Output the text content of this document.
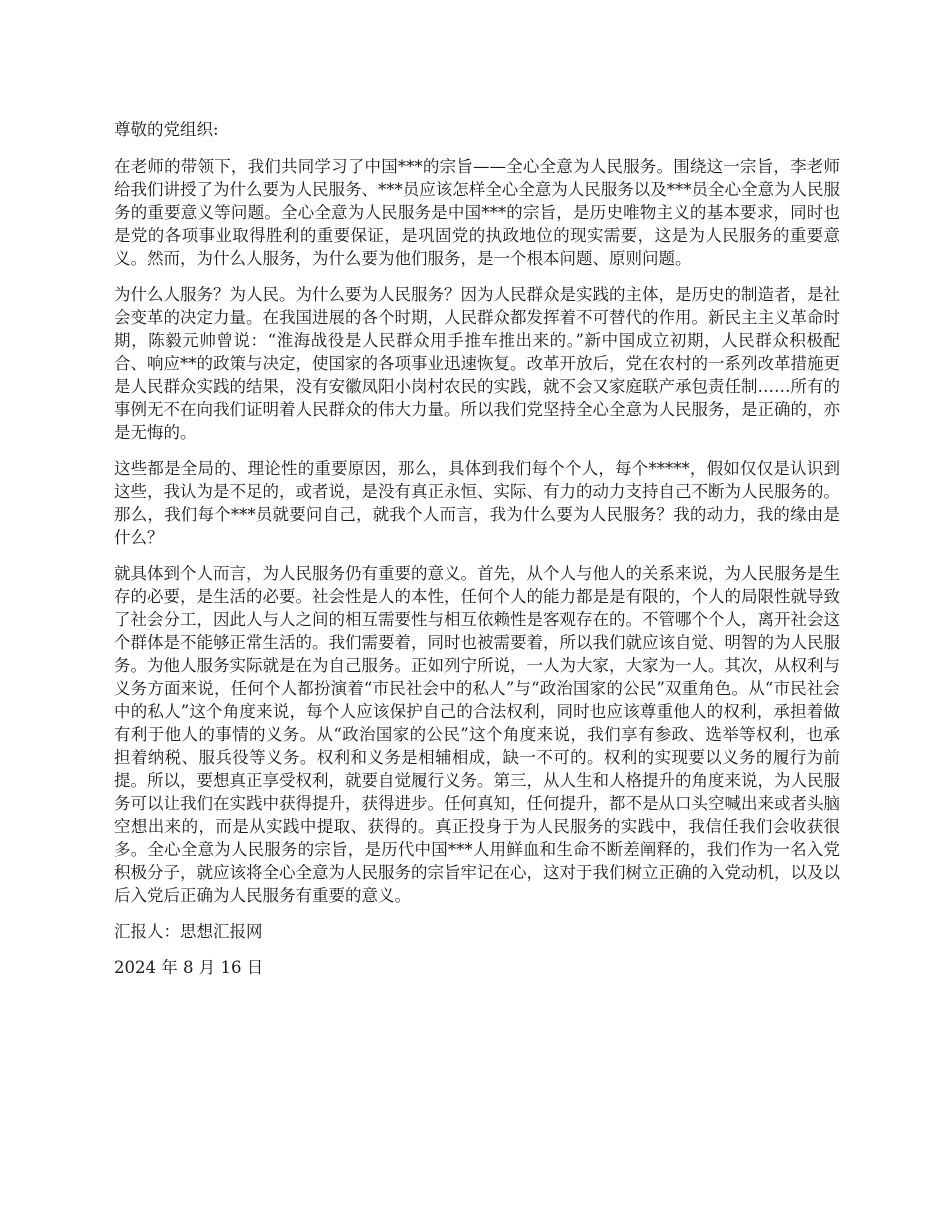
尊敬的党组织:

在老师的带领下，我们共同学习了中国***的宗旨——全心全意为人民服务。围绕这一宗旨，李老师给我们讲授了为什么要为人民服务、***员应该怎样全心全意为人民服务以及***员全心全意为人民服务的重要意义等问题。全心全意为人民服务是中国***的宗旨，是历史唯物主义的基本要求，同时也是党的各项事业取得胜利的重要保证，是巩固党的执政地位的现实需要，这是为人民服务的重要意义。然而，为什么人服务，为什么要为他们服务，是一个根本问题、原则问题。

为什么人服务？为人民。为什么要为人民服务？因为人民群众是实践的主体，是历史的制造者，是社会变革的决定力量。在我国进展的各个时期，人民群众都发挥着不可替代的作用。新民主主义革命时期，陈毅元帅曾说：“淮海战役是人民群众用手推车推出来的。”新中国成立初期，人民群众积极配合、响应**的政策与决定，使国家的各项事业迅速恢复。改革开放后，党在农村的一系列改革措施更是人民群众实践的结果，没有安徽凤阳小岗村农民的实践，就不会又家庭联产承包责任制……所有的事例无不在向我们证明着人民群众的伟大力量。所以我们党坚持全心全意为人民服务，是正确的，亦是无悔的。

这些都是全局的、理论性的重要原因，那么，具体到我们每个个人，每个*****，假如仅仅是认识到这些，我认为是不足的，或者说，是没有真正永恒、实际、有力的动力支持自己不断为人民服务的。那么，我们每个***员就要问自己，就我个人而言，我为什么要为人民服务？我的动力，我的缘由是什么？

就具体到个人而言，为人民服务仍有重要的意义。首先，从个人与他人的关系来说，为人民服务是生存的必要，是生活的必要。社会性是人的本性，任何个人的能力都是是有限的，个人的局限性就导致了社会分工，因此人与人之间的相互需要性与相互依赖性是客观存在的。不管哪个个人，离开社会这个群体是不能够正常生活的。我们需要着，同时也被需要着，所以我们就应该自觉、明智的为人民服务。为他人服务实际就是在为自己服务。正如列宁所说，一人为大家，大家为一人。其次，从权利与义务方面来说，任何个人都扮演着“市民社会中的私人”与“政治国家的公民”双重角色。从“市民社会中的私人”这个角度来说，每个人应该保护自己的合法权利，同时也应该尊重他人的权利，承担着做有利于他人的事情的义务。从“政治国家的公民”这个角度来说，我们享有参政、选举等权利，也承担着纳税、服兵役等义务。权利和义务是相辅相成，缺一不可的。权利的实现要以义务的履行为前提。所以，要想真正享受权利，就要自觉履行义务。第三，从人生和人格提升的角度来说，为人民服务可以让我们在实践中获得提升，获得进步。任何真知，任何提升，都不是从口头空喊出来或者头脑空想出来的，而是从实践中提取、获得的。真正投身于为人民服务的实践中，我信任我们会收获很多。全心全意为人民服务的宗旨，是历代中国***人用鲜血和生命不断差阐释的，我们作为一名入党积极分子，就应该将全心全意为人民服务的宗旨牢记在心，这对于我们树立正确的入党动机，以及以后入党后正确为人民服务有重要的意义。

汇报人：思想汇报网

2024 年 8 月 16 日
